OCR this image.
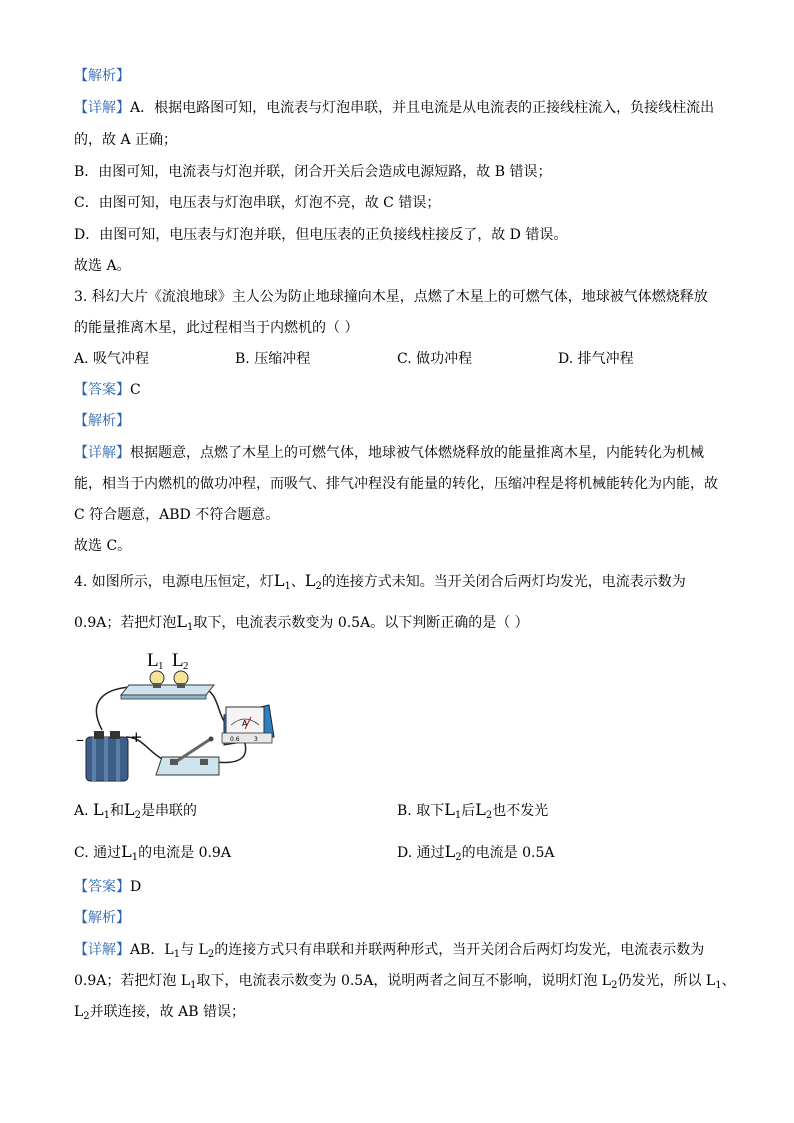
【解析】
【详解】A．根据电路图可知，电流表与灯泡串联，并且电流是从电流表的正接线柱流入，负接线柱流出
的，故 A 正确；
B．由图可知，电流表与灯泡并联，闭合开关后会造成电源短路，故 B 错误；
C．由图可知，电压表与灯泡串联，灯泡不亮，故 C 错误；
D．由图可知，电压表与灯泡并联，但电压表的正负接线柱接反了，故 D 错误。
故选 A。
3. 科幻大片《流浪地球》主人公为防止地球撞向木星，点燃了木星上的可燃气体，地球被气体燃烧释放
的能量推离木星，此过程相当于内燃机的（ ）
A. 吸气冲程	B. 压缩冲程	C. 做功冲程	D. 排气冲程
【答案】C
【解析】
【详解】根据题意，点燃了木星上的可燃气体，地球被气体燃烧释放的能量推离木星，内能转化为机械
能，相当于内燃机的做功冲程，而吸气、排气冲程没有能量的转化，压缩冲程是将机械能转化为内能，故
C 符合题意，ABD 不符合题意。
故选 C。
4. 如图所示，电源电压恒定，灯$L_1$、$L_2$的连接方式未知。当开关闭合后两灯均发光，电流表示数为
0.9A；若把灯泡$L_1$取下，电流表示数变为 0.5A。以下判断正确的是（ ）
L 1 L 2
–	+
A
0.6 3
A. $L_1$和$L_2$是串联的	B. 取下$L_1$后$L_2$也不发光
C. 通过$L_1$的电流是 0.9A	D. 通过$L_2$的电流是 0.5A
【答案】D
【解析】
【详解】AB．$L_1$与 $L_2$的连接方式只有串联和并联两种形式，当开关闭合后两灯均发光，电流表示数为
0.9A；若把灯泡 $L_1$取下，电流表示数变为 0.5A，说明两者之间互不影响，说明灯泡 $L_2$仍发光，所以 $L_1$、
$L_2$并联连接，故 AB 错误；
